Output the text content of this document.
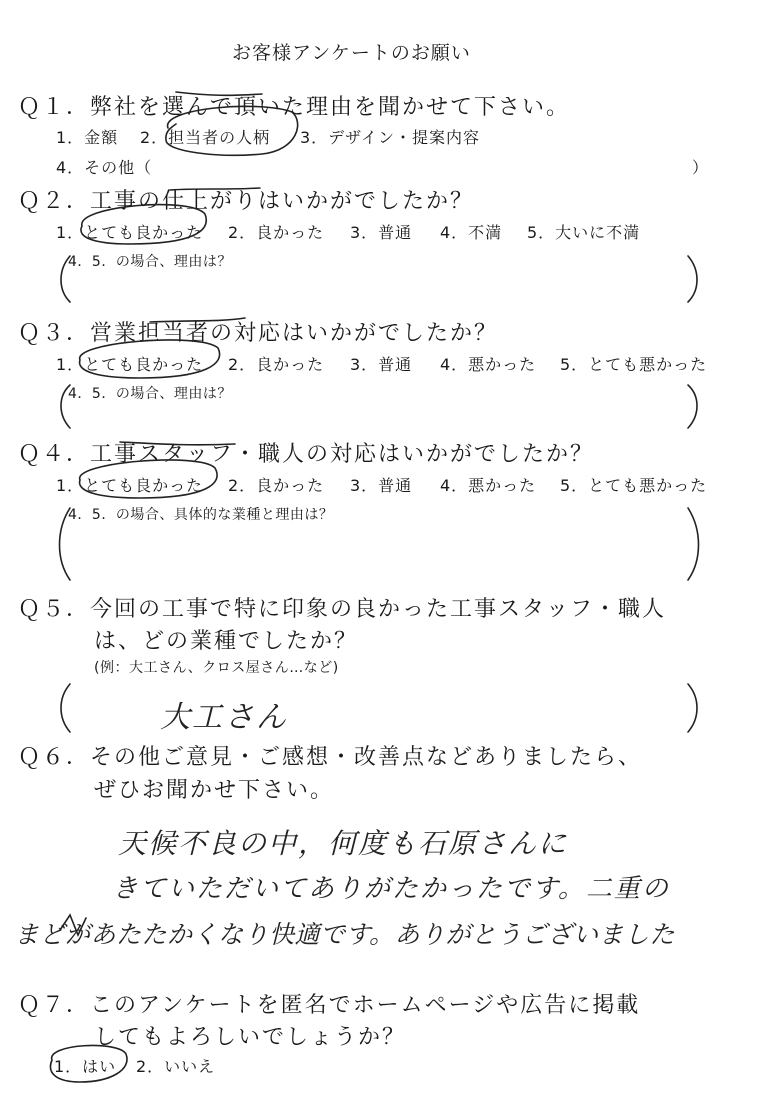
お客様アンケートのお願い
Ｑ１．弊社を選んで頂いた理由を聞かせて下さい。
1．金額 2．担当者の人柄 3．デザイン・提案内容
4．その他（	）
Ｑ２．工事の仕上がりはいかがでしたか？
1．とても良かった 2．良かった 3．普通 4．不満 5．大いに不満
4．5．の場合、理由は？
Ｑ３．営業担当者の対応はいかがでしたか？
1．とても良かった 2．良かった 3．普通 4．悪かった 5．とても悪かった
4．5．の場合、理由は？
Ｑ４．工事スタッフ・職人の対応はいかがでしたか？
1．とても良かった 2．良かった 3．普通 4．悪かった 5．とても悪かった
4．5．の場合、具体的な業種と理由は？
Ｑ５．今回の工事で特に印象の良かった工事スタッフ・職人
は、どの業種でしたか？
(例：大工さん、クロス屋さん…など)
大工さん
Ｑ６．その他ご意見・ご感想・改善点などありましたら、
ぜひお聞かせ下さい。
天候不良の中，何度も石原さんに
きていただいてありがたかったです。二重の
まどがあたたかくなり快適です。ありがとうございました
Ｑ７．このアンケートを匿名でホームページや広告に掲載
してもよろしいでしょうか？
1．はい 2．いいえ
